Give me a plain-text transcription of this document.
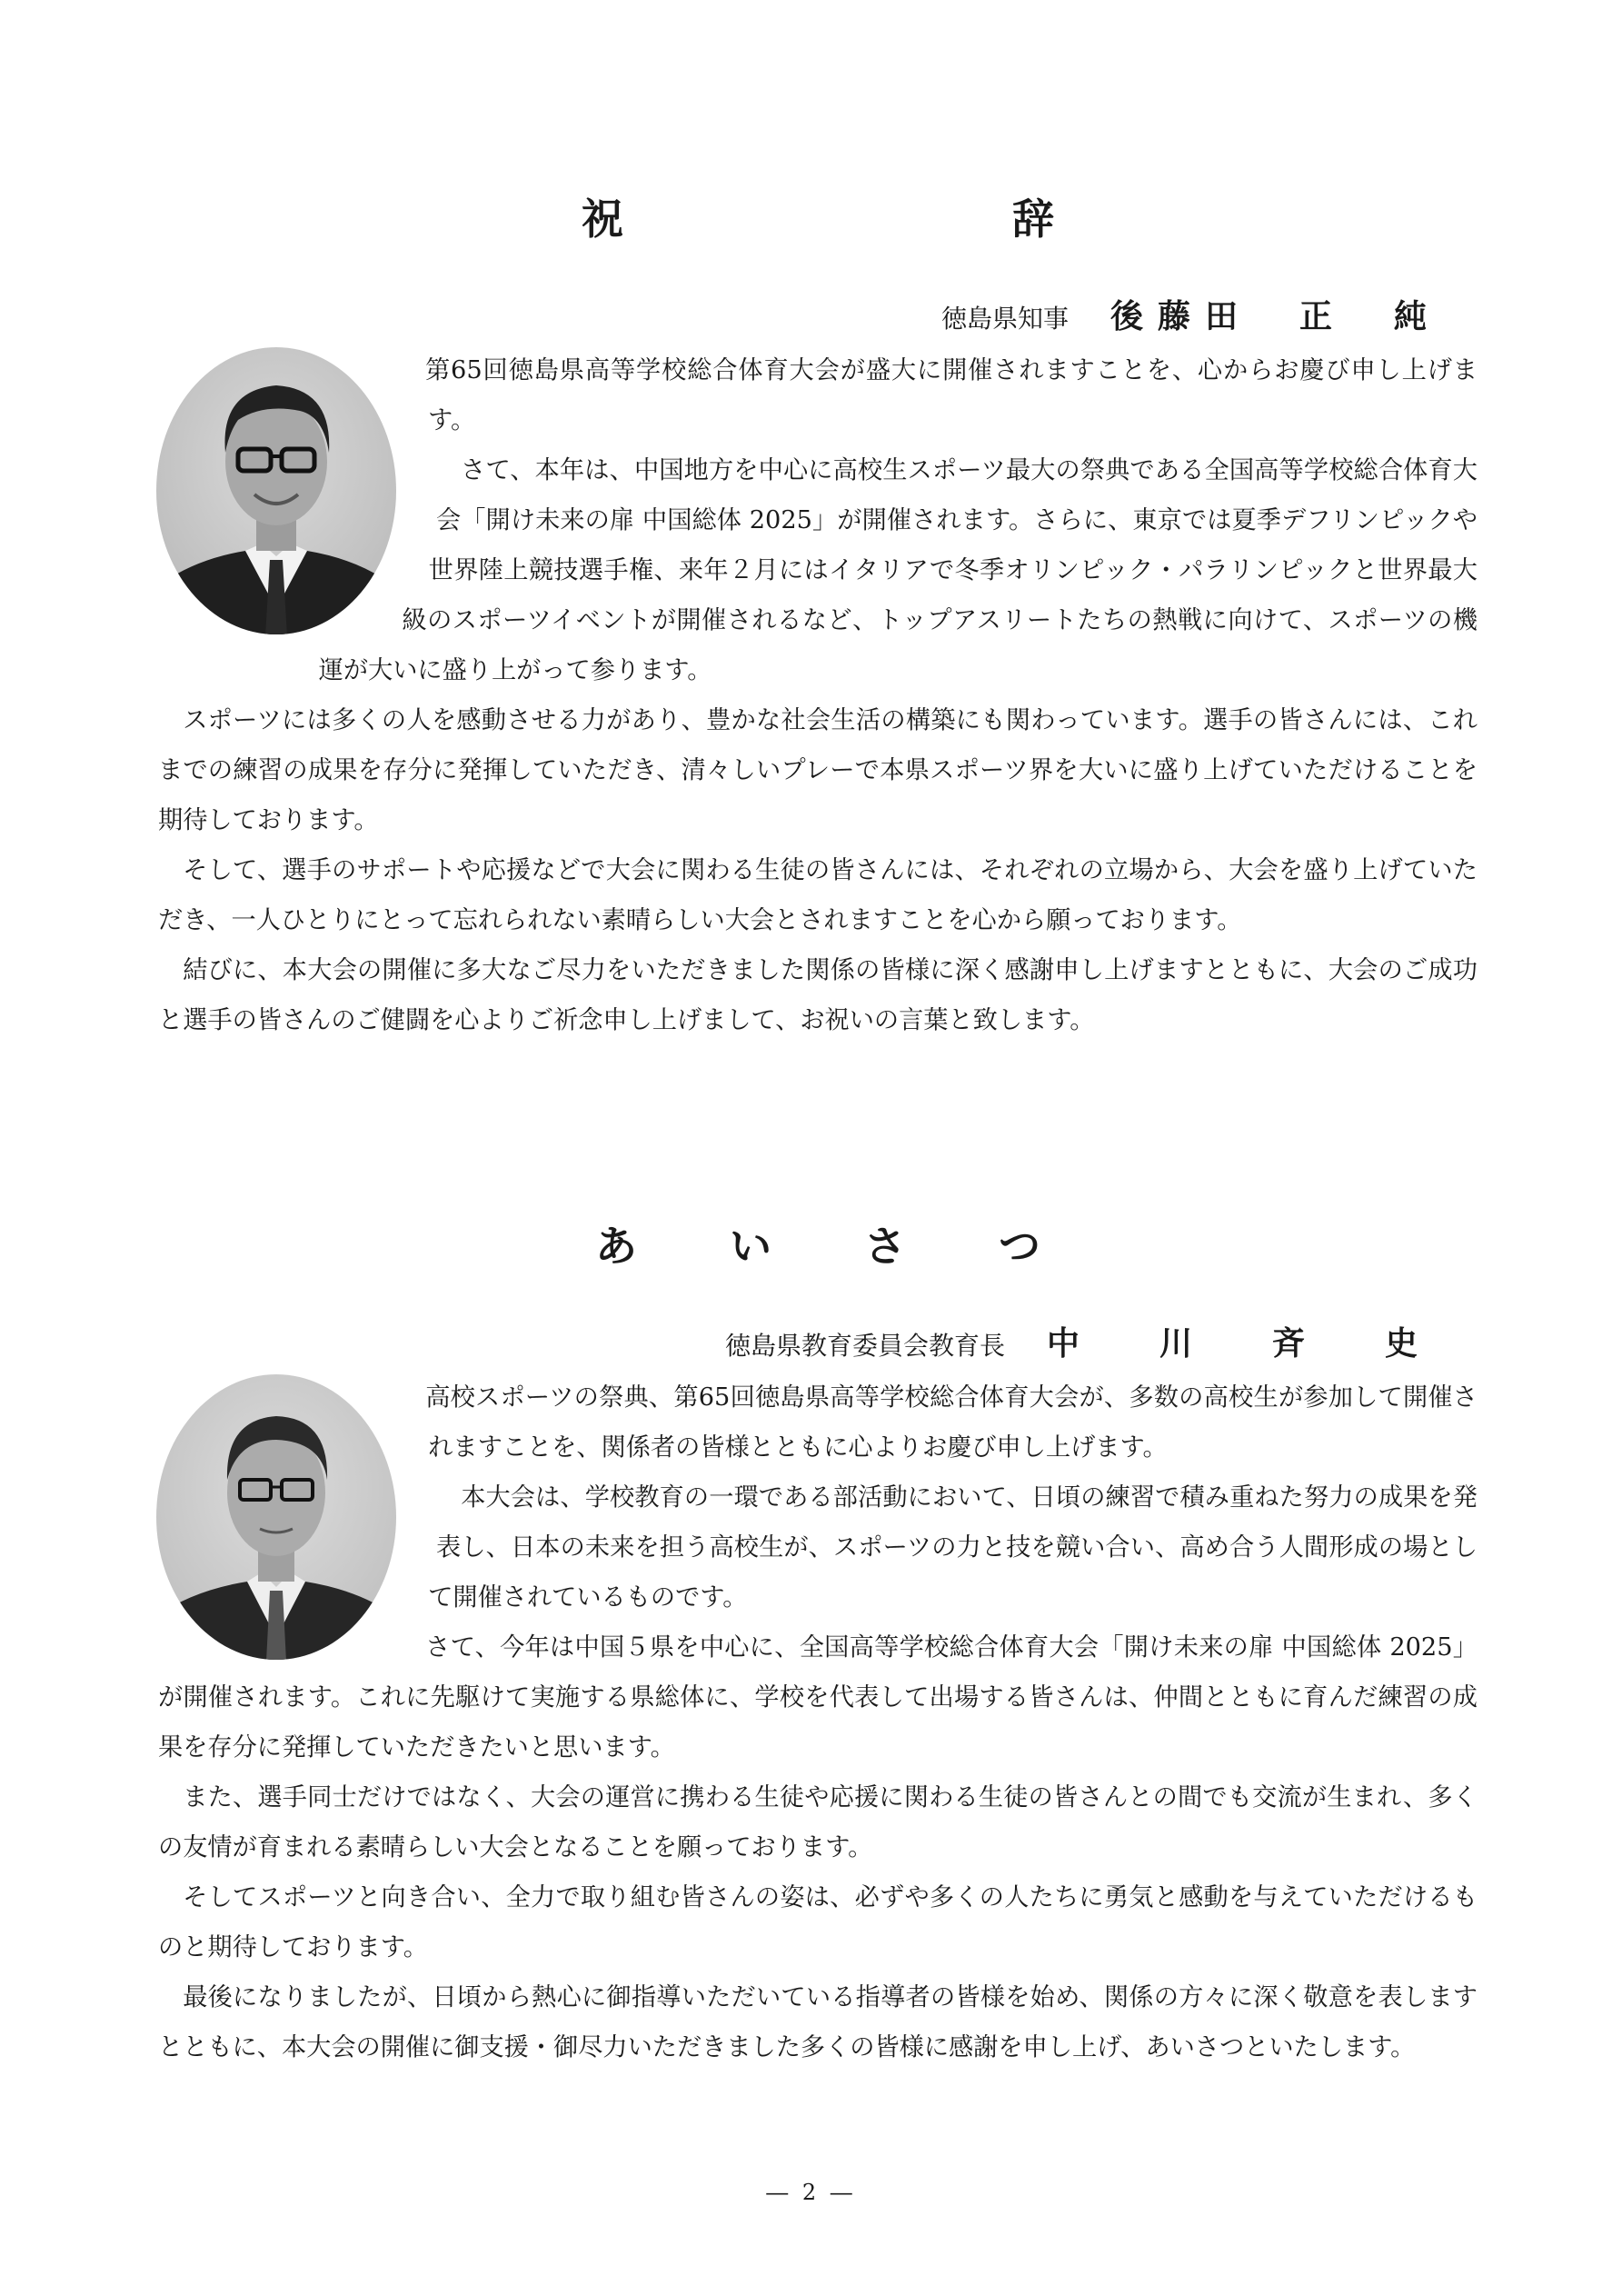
祝	辞
徳島県知事 後藤田　正　純

第65回徳島県高等学校総合体育大会が盛大に開催されますことを、心からお慶び申し上げます。

さて、本年は、中国地方を中心に高校生スポーツ最大の祭典である全国高等学校総合体育大会「開け未来の扉 中国総体 2025」が開催されます。さらに、東京では夏季デフリンピックや世界陸上競技選手権、来年２月にはイタリアで冬季オリンピック・パラリンピックと世界最大級のスポーツイベントが開催されるなど、トップアスリートたちの熱戦に向けて、スポーツの機運が大いに盛り上がって参ります。

スポーツには多くの人を感動させる力があり、豊かな社会生活の構築にも関わっています。選手の皆さんには、これまでの練習の成果を存分に発揮していただき、清々しいプレーで本県スポーツ界を大いに盛り上げていただけることを期待しております。

そして、選手のサポートや応援などで大会に関わる生徒の皆さんには、それぞれの立場から、大会を盛り上げていただき、一人ひとりにとって忘れられない素晴らしい大会とされますことを心から願っております。

結びに、本大会の開催に多大なご尽力をいただきました関係の皆様に深く感謝申し上げますとともに、大会のご成功と選手の皆さんのご健闘を心よりご祈念申し上げまして、お祝いの言葉と致します。

あ い さ つ
徳島県教育委員会教育長 中　川　斉　史

高校スポーツの祭典、第65回徳島県高等学校総合体育大会が、多数の高校生が参加して開催されますことを、関係者の皆様とともに心よりお慶び申し上げます。

本大会は、学校教育の一環である部活動において、日頃の練習で積み重ねた努力の成果を発表し、日本の未来を担う高校生が、スポーツの力と技を競い合い、高め合う人間形成の場として開催されているものです。

さて、今年は中国５県を中心に、全国高等学校総合体育大会「開け未来の扉 中国総体 2025」が開催されます。これに先駆けて実施する県総体に、学校を代表して出場する皆さんは、仲間とともに育んだ練習の成果を存分に発揮していただきたいと思います。

また、選手同士だけではなく、大会の運営に携わる生徒や応援に関わる生徒の皆さんとの間でも交流が生まれ、多くの友情が育まれる素晴らしい大会となることを願っております。

そしてスポーツと向き合い、全力で取り組む皆さんの姿は、必ずや多くの人たちに勇気と感動を与えていただけるものと期待しております。

最後になりましたが、日頃から熱心に御指導いただいている指導者の皆様を始め、関係の方々に深く敬意を表しますとともに、本大会の開催に御支援・御尽力いただきました多くの皆様に感謝を申し上げ、あいさつといたします。

― 2 ―
